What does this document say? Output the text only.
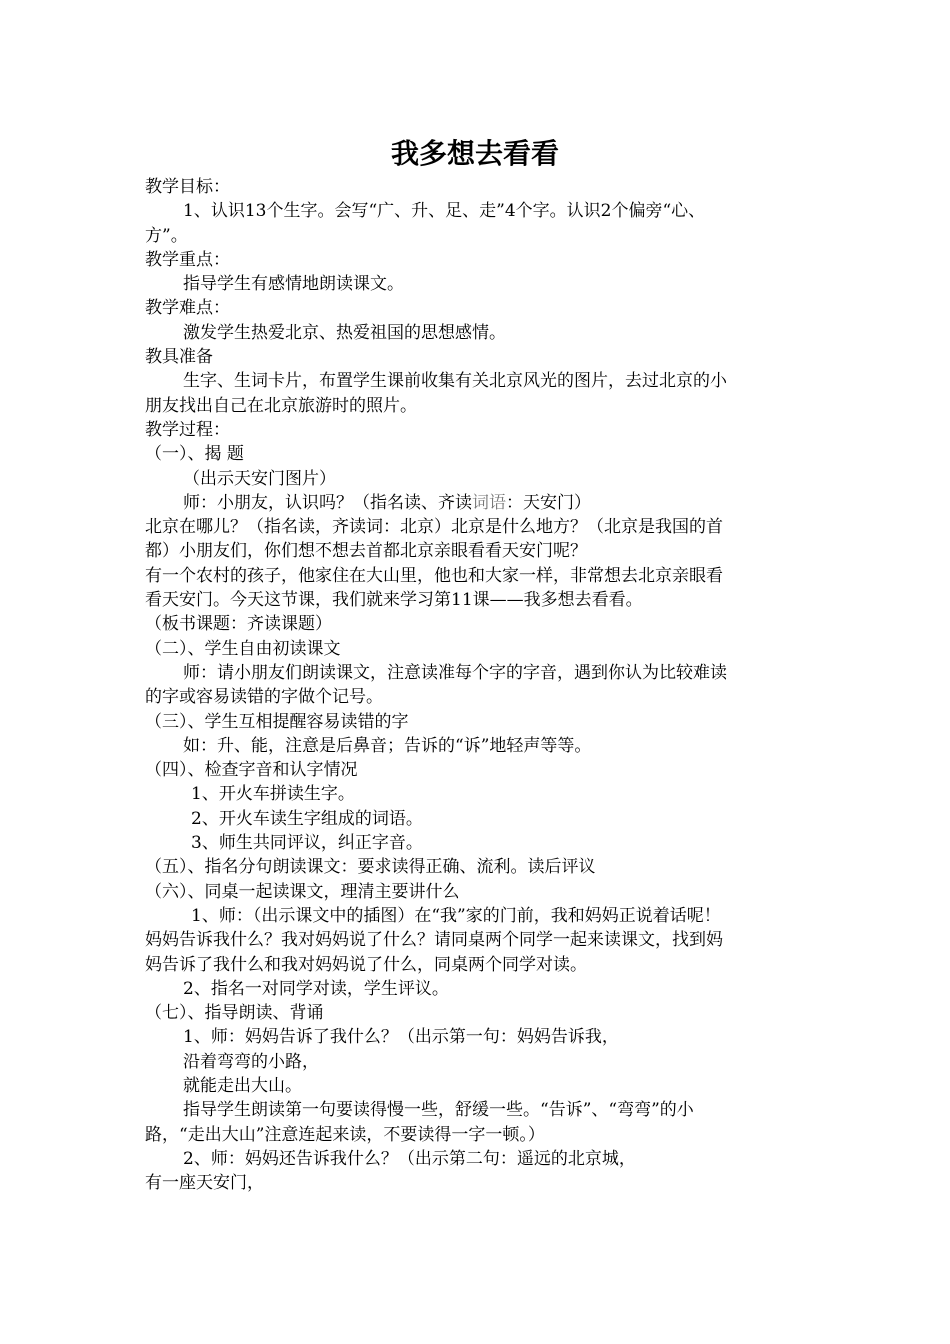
我多想去看看
教学目标：
1、认识13个生字。会写“广、升、足、走”4个字。认识2个偏旁“心、
方”。
教学重点：
指导学生有感情地朗读课文。
教学难点：
激发学生热爱北京、热爱祖国的思想感情。
教具准备
生字、生词卡片，布置学生课前收集有关北京风光的图片，去过北京的小
朋友找出自己在北京旅游时的照片。
教学过程：
（一）、揭 题
（出示天安门图片）
师：小朋友，认识吗？（指名读、齐读词语：天安门）
北京在哪儿？（指名读，齐读词：北京）北京是什么地方？（北京是我国的首
都）小朋友们，你们想不想去首都北京亲眼看看天安门呢？
有一个农村的孩子，他家住在大山里，他也和大家一样，非常想去北京亲眼看
看天安门。今天这节课，我们就来学习第11课——我多想去看看。
（板书课题：齐读课题）
（二）、学生自由初读课文
师：请小朋友们朗读课文，注意读准每个字的字音，遇到你认为比较难读
的字或容易读错的字做个记号。
（三）、学生互相提醒容易读错的字
如：升、能，注意是后鼻音；告诉的“诉”地轻声等等。
（四）、检查字音和认字情况
1、开火车拼读生字。
2、开火车读生字组成的词语。
3、师生共同评议，纠正字音。
（五）、指名分句朗读课文：要求读得正确、流利。读后评议
（六）、同桌一起读课文，理清主要讲什么
1、师：（出示课文中的插图）在“我”家的门前，我和妈妈正说着话呢！
妈妈告诉我什么？我对妈妈说了什么？请同桌两个同学一起来读课文，找到妈
妈告诉了我什么和我对妈妈说了什么，同桌两个同学对读。
2、指名一对同学对读，学生评议。
（七）、指导朗读、背诵
1、师：妈妈告诉了我什么？（出示第一句：妈妈告诉我，
沿着弯弯的小路，
就能走出大山。
指导学生朗读第一句要读得慢一些，舒缓一些。“告诉”、“弯弯”的小
路，“走出大山”注意连起来读，不要读得一字一顿。）
2、师：妈妈还告诉我什么？（出示第二句：遥远的北京城，
有一座天安门，
